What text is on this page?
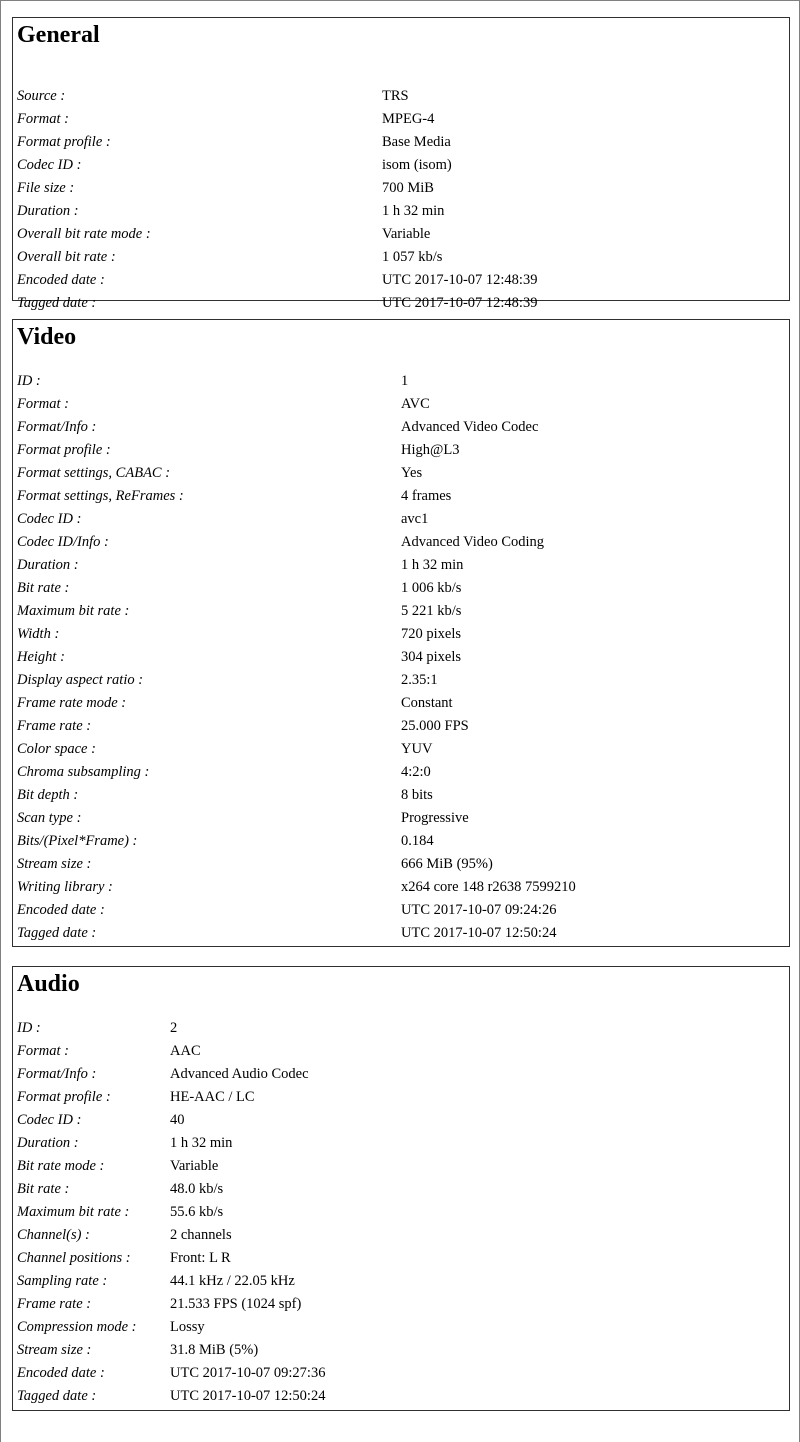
General
Source :	TRS
Format :	MPEG-4
Format profile :	Base Media
Codec ID :	isom (isom)
File size :	700 MiB
Duration :	1 h 32 min
Overall bit rate mode :	Variable
Overall bit rate :	1 057 kb/s
Encoded date :	UTC 2017-10-07 12:48:39
Tagged date :	UTC 2017-10-07 12:48:39
Video
ID :	1
Format :	AVC
Format/Info :	Advanced Video Codec
Format profile :	High@L3
Format settings, CABAC :	Yes
Format settings, ReFrames :	4 frames
Codec ID :	avc1
Codec ID/Info :	Advanced Video Coding
Duration :	1 h 32 min
Bit rate :	1 006 kb/s
Maximum bit rate :	5 221 kb/s
Width :	720 pixels
Height :	304 pixels
Display aspect ratio :	2.35:1
Frame rate mode :	Constant
Frame rate :	25.000 FPS
Color space :	YUV
Chroma subsampling :	4:2:0
Bit depth :	8 bits
Scan type :	Progressive
Bits/(Pixel*Frame) :	0.184
Stream size :	666 MiB (95%)
Writing library :	x264 core 148 r2638 7599210
Encoded date :	UTC 2017-10-07 09:24:26
Tagged date :	UTC 2017-10-07 12:50:24
Audio
ID :	2
Format :	AAC
Format/Info :	Advanced Audio Codec
Format profile :	HE-AAC / LC
Codec ID :	40
Duration :	1 h 32 min
Bit rate mode :	Variable
Bit rate :	48.0 kb/s
Maximum bit rate :	55.6 kb/s
Channel(s) :	2 channels
Channel positions :	Front: L R
Sampling rate :	44.1 kHz / 22.05 kHz
Frame rate :	21.533 FPS (1024 spf)
Compression mode : Lossy
Stream size :	31.8 MiB (5%)
Encoded date :	UTC 2017-10-07 09:27:36
Tagged date :	UTC 2017-10-07 12:50:24
